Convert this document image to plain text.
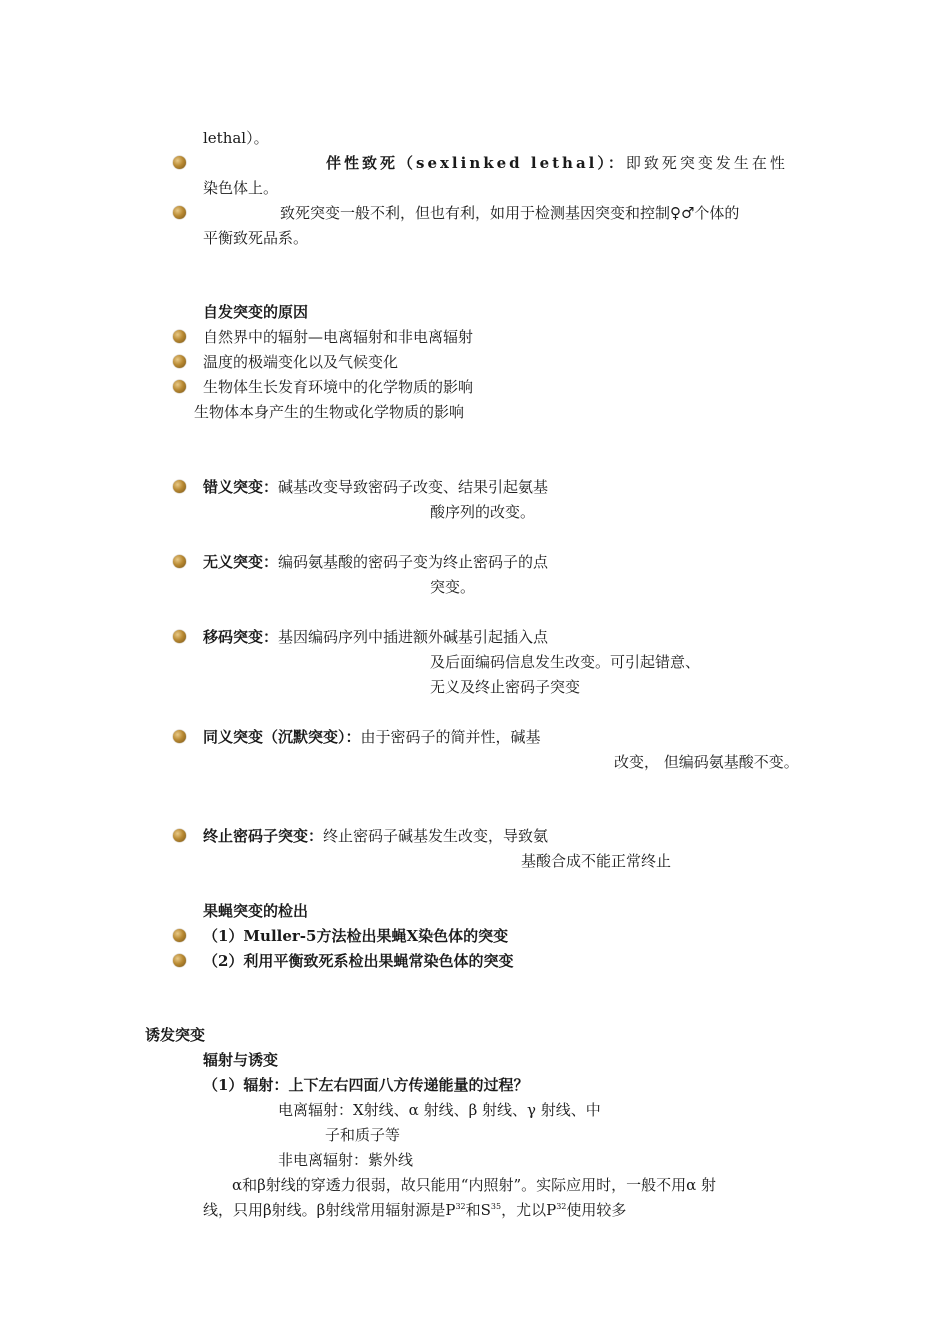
lethal）。
伴性致死（sexlinked lethal）：即致死突变发生在性
染色体上。
致死突变一般不利，但也有利，如用于检测基因突变和控制♀♂个体的
平衡致死品系。
自发突变的原因
自然界中的辐射—电离辐射和非电离辐射
温度的极端变化以及气候变化
生物体生长发育环境中的化学物质的影响
生物体本身产生的生物或化学物质的影响
错义突变：碱基改变导致密码子改变、结果引起氨基
酸序列的改变。
无义突变：编码氨基酸的密码子变为终止密码子的点
突变。
移码突变：基因编码序列中插进额外碱基引起插入点
及后面编码信息发生改变。可引起错意、
无义及终止密码子突变
同义突变（沉默突变）：由于密码子的简并性，碱基
改变， 但编码氨基酸不变。
终止密码子突变：终止密码子碱基发生改变，导致氨
基酸合成不能正常终止
果蝇突变的检出
（1）Muller-5方法检出果蝇X染色体的突变
（2）利用平衡致死系检出果蝇常染色体的突变
诱发突变
辐射与诱变
（1）辐射：上下左右四面八方传递能量的过程？
电离辐射：X射线、α 射线、β 射线、γ 射线、中
子和质子等
非电离辐射：紫外线
α和β射线的穿透力很弱，故只能用“内照射”。实际应用时，一般不用α 射
线，只用β射线。β射线常用辐射源是$P^{32}$和$S^{35}$，尤以$P^{32}$使用较多
